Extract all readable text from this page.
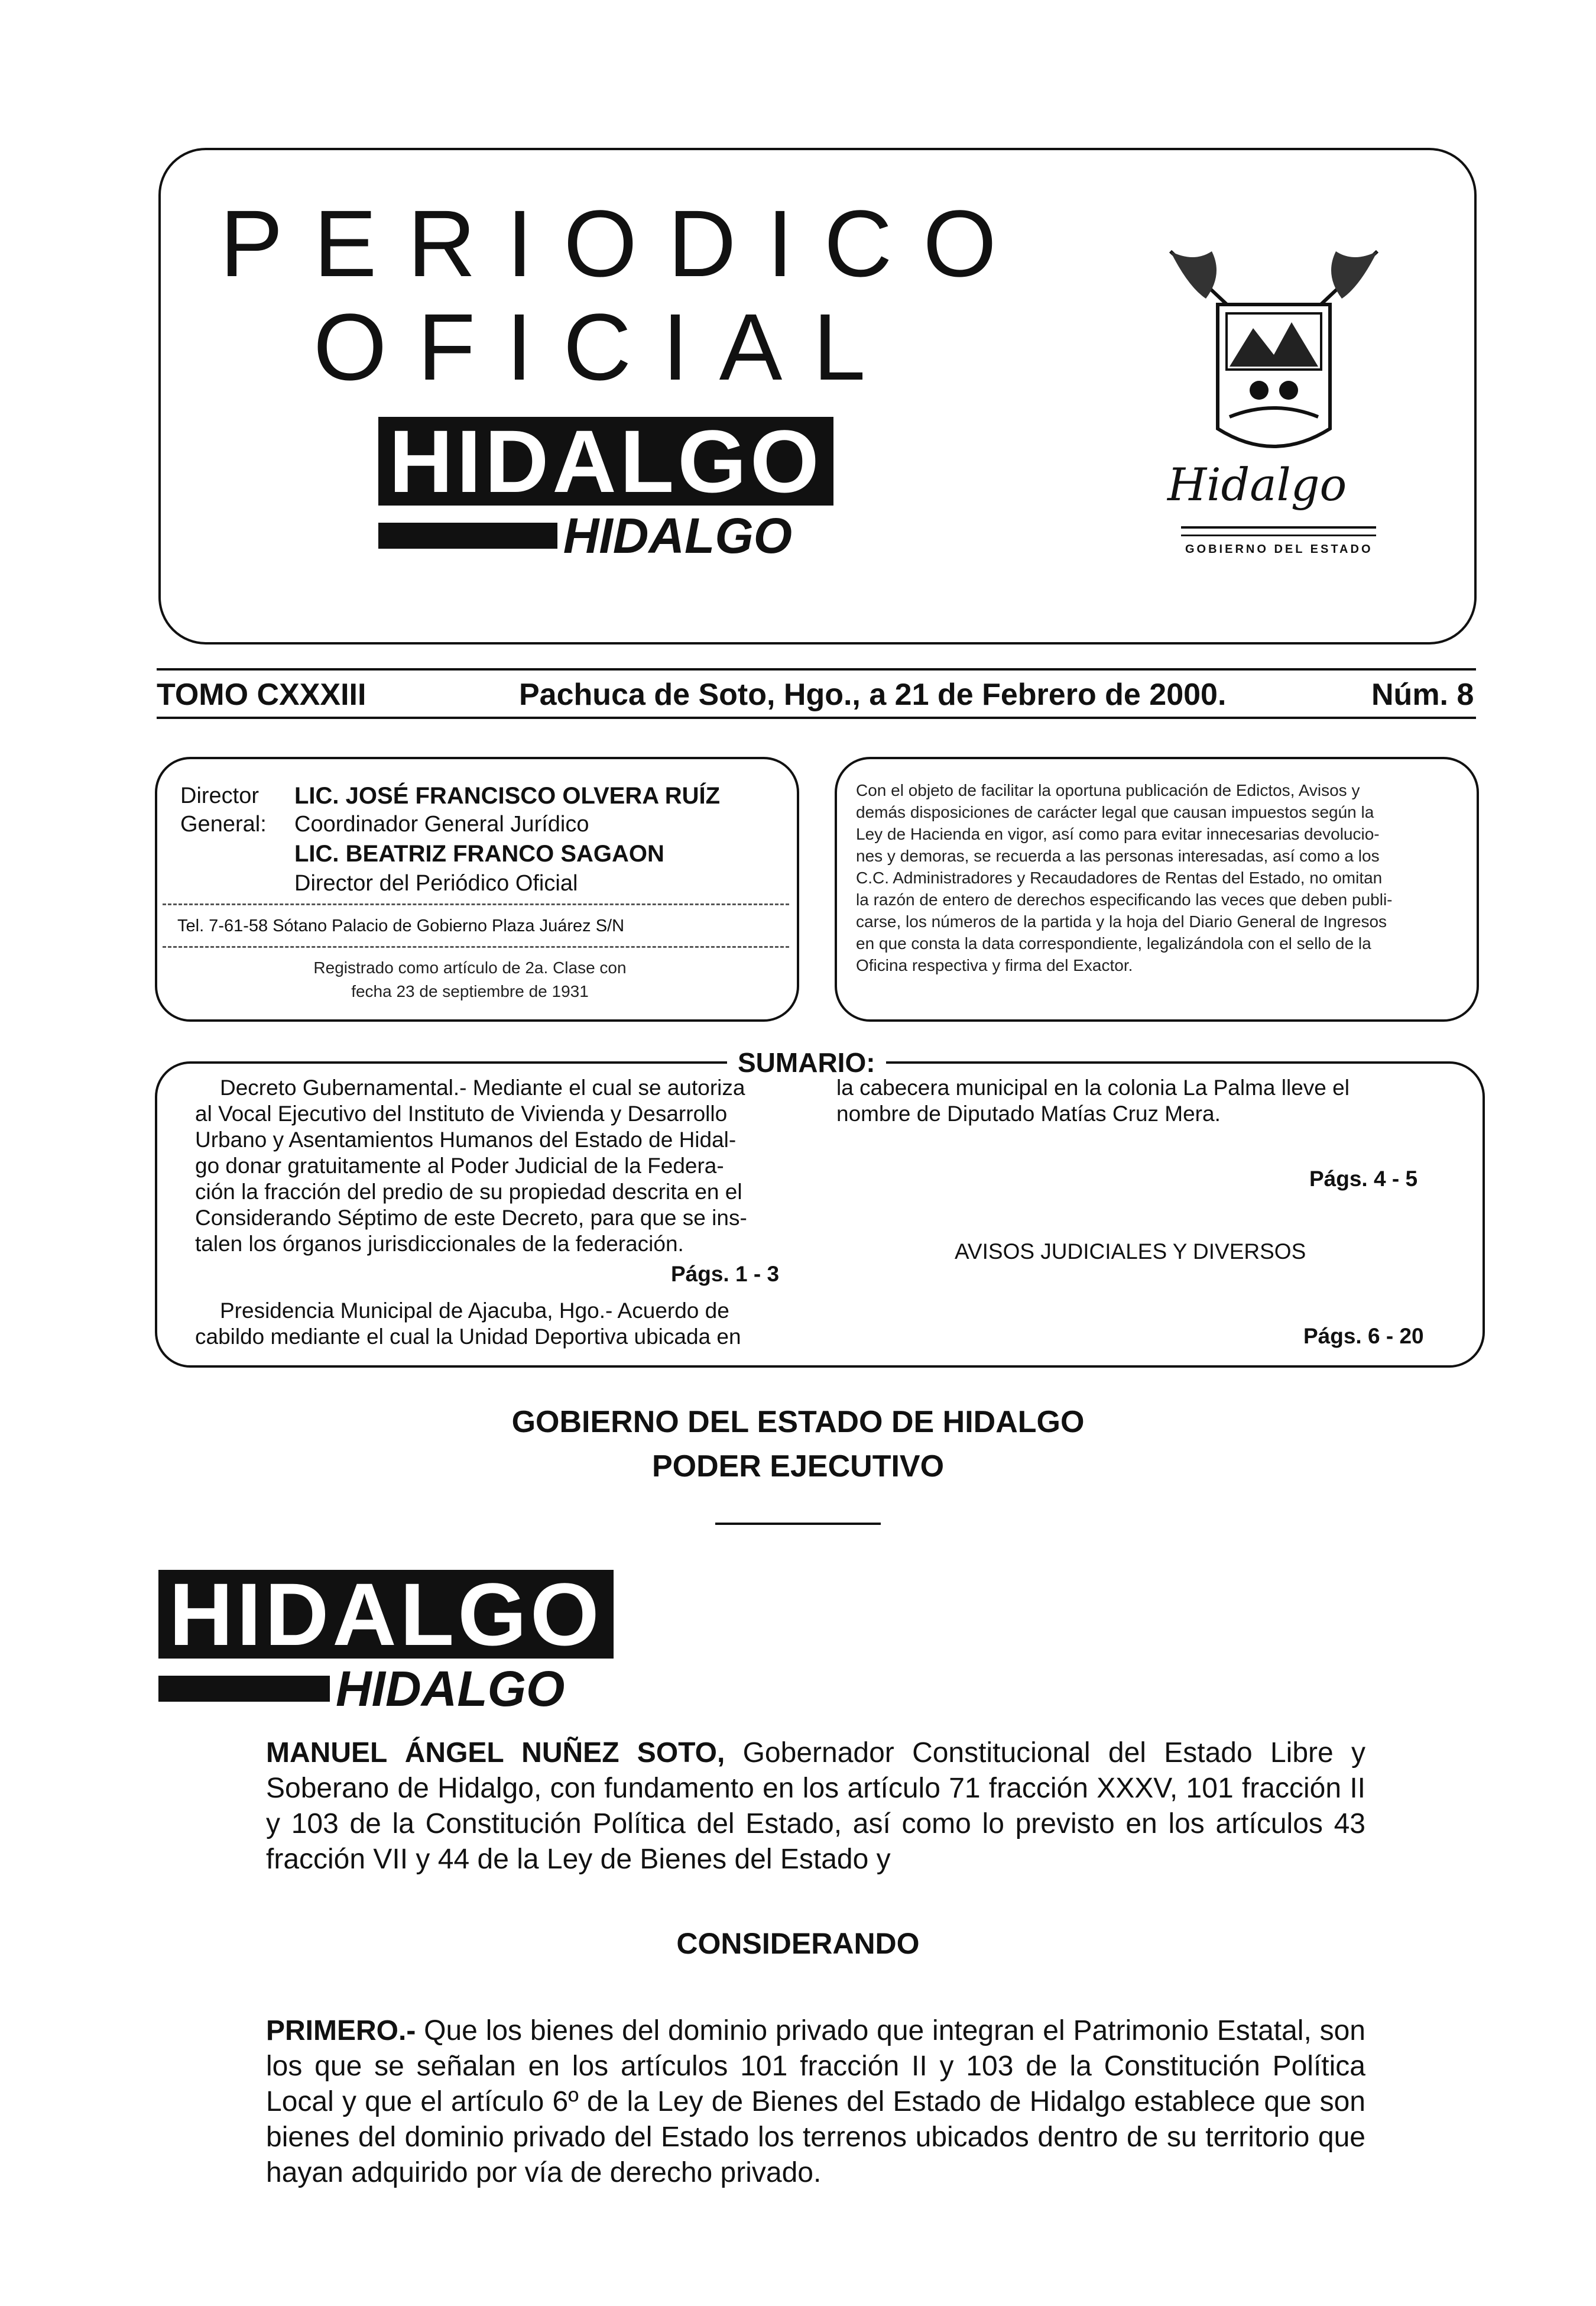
PERIODICO
OFICIAL
HIDALGO
HIDALGO
Hidalgo
GOBIERNO DEL ESTADO
TOMO CXXXIII	Pachuca de Soto, Hgo., a 21 de Febrero de 2000.	Núm. 8
Director
General:
LIC. JOSÉ FRANCISCO OLVERA RUÍZ
Coordinador General Jurídico
LIC. BEATRIZ FRANCO SAGAON
Director del Periódico Oficial
Tel. 7-61-58 Sótano Palacio de Gobierno Plaza Juárez S/N
Registrado como artículo de 2a. Clase con
fecha 23 de septiembre de 1931
Con el objeto de facilitar la oportuna publicación de Edictos, Avisos y
demás disposiciones de carácter legal que causan impuestos según la
Ley de Hacienda en vigor, así como para evitar innecesarias devolucio-
nes y demoras, se recuerda a las personas interesadas, así como a los
C.C. Administradores y Recaudadores de Rentas del Estado, no omitan
la razón de entero de derechos especificando las veces que deben publi-
carse, los números de la partida y la hoja del Diario General de Ingresos
en que consta la data correspondiente, legalizándola con el sello de la
Oficina respectiva y firma del Exactor.
SUMARIO:
Decreto Gubernamental.- Mediante el cual se autoriza
al Vocal Ejecutivo del Instituto de Vivienda y Desarrollo
Urbano y Asentamientos Humanos del Estado de Hidal-
go donar gratuitamente al Poder Judicial de la Federa-
ción la fracción del predio de su propiedad descrita en el
Considerando Séptimo de este Decreto, para que se ins-
talen los órganos jurisdiccionales de la federación.
Págs. 1 - 3
Presidencia Municipal de Ajacuba, Hgo.- Acuerdo de
cabildo mediante el cual la Unidad Deportiva ubicada en
la cabecera municipal en la colonia La Palma lleve el
nombre de Diputado Matías Cruz Mera.
Págs. 4 - 5
AVISOS JUDICIALES Y DIVERSOS
Págs. 6 - 20
GOBIERNO DEL ESTADO DE HIDALGO
PODER EJECUTIVO
HIDALGO
HIDALGO
MANUEL ÁNGEL NUÑEZ SOTO, Gobernador Constitucional del Estado Libre y Soberano de Hidalgo, con fundamento en los artículo 71 fracción XXXV, 101 fracción II y 103 de la Constitución Política del Estado, así como lo previsto en los artículos 43 fracción VII y 44 de la Ley de Bienes del Estado y
CONSIDERANDO
PRIMERO.- Que los bienes del dominio privado que integran el Patrimonio Estatal, son los que se señalan en los artículos 101 fracción II y 103 de la Constitución Política Local y que el artículo 6º de la Ley de Bienes del Estado de Hidalgo establece que son bienes del dominio privado del Estado los terrenos ubicados dentro de su territorio que hayan adquirido por vía de derecho privado.
